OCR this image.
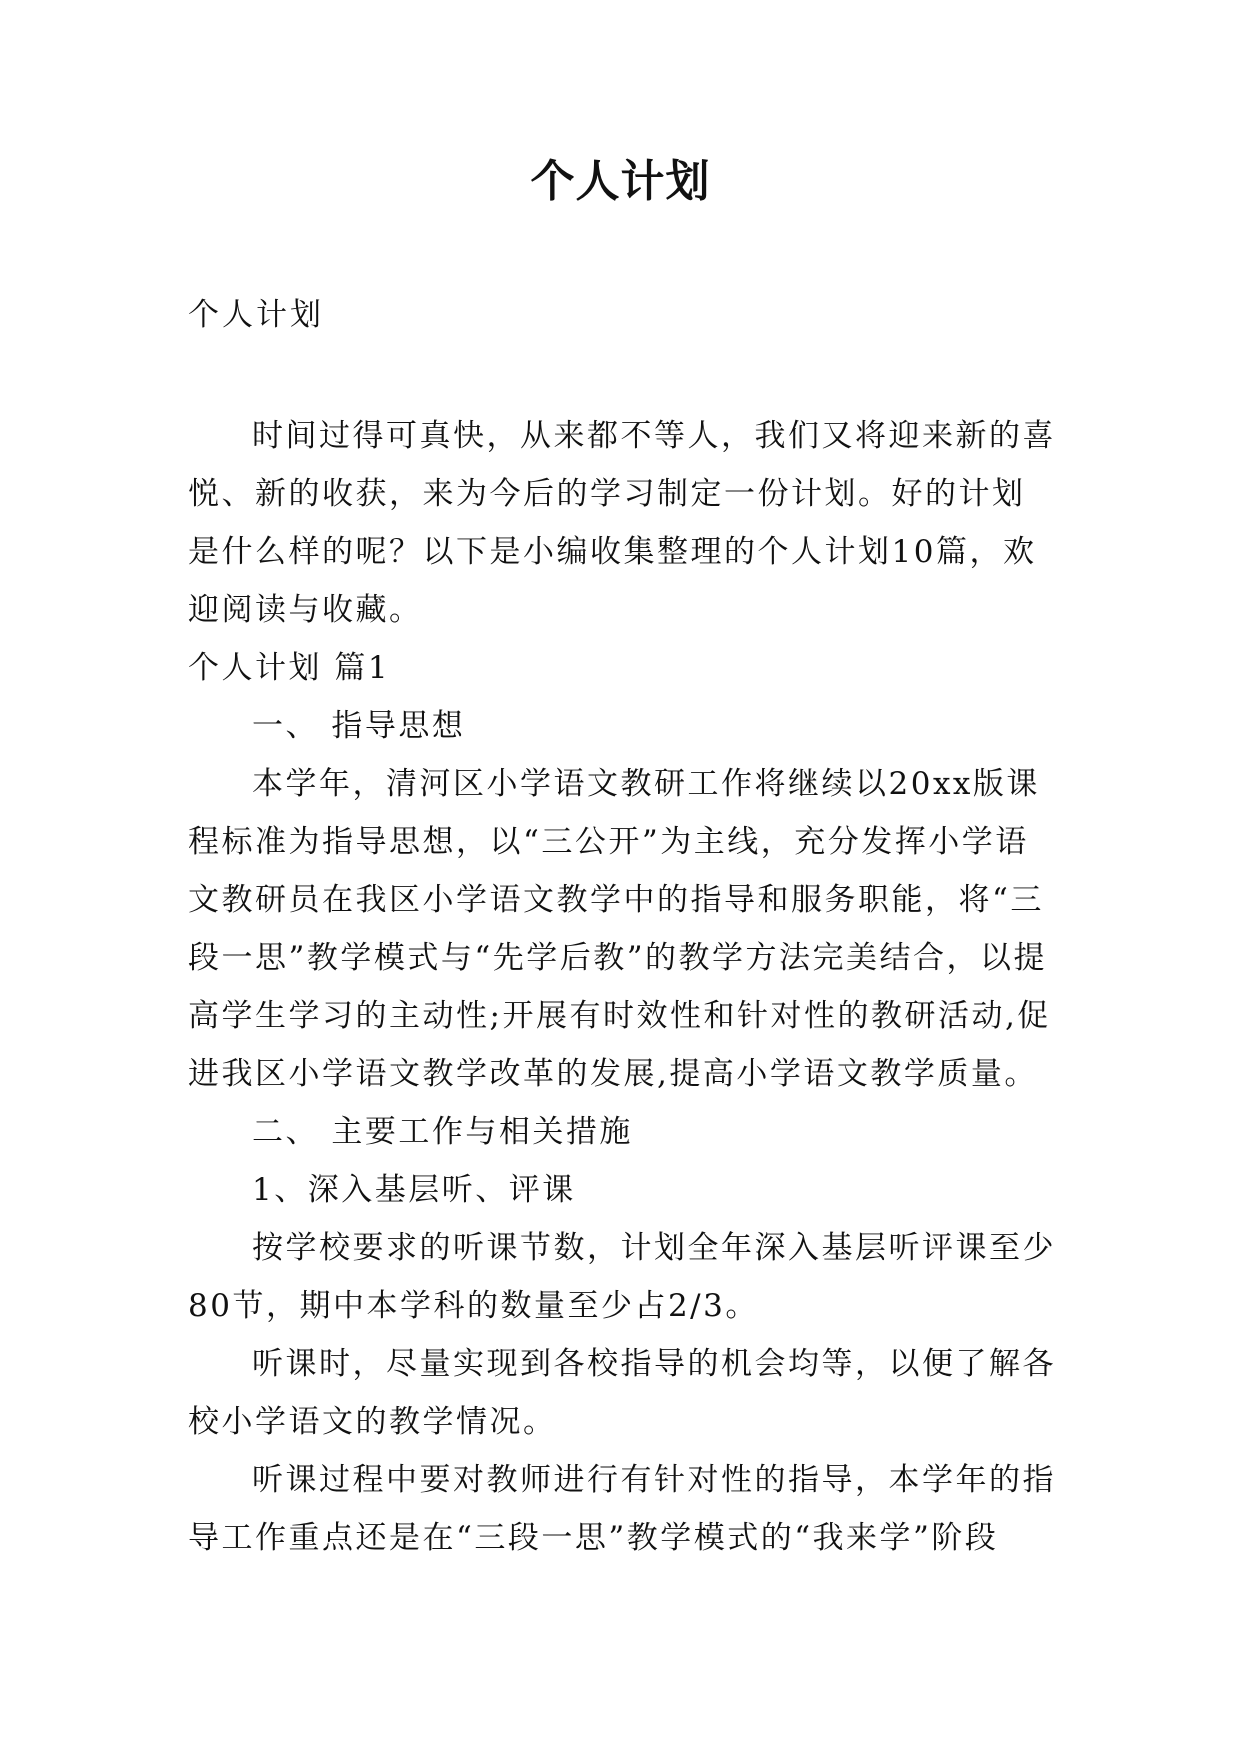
个人计划
个人计划

时间过得可真快，从来都不等人，我们又将迎来新的喜悦、新的收获，来为今后的学习制定一份计划。好的计划是什么样的呢？以下是小编收集整理的个人计划10篇，欢迎阅读与收藏。

个人计划 篇1

一、 指导思想

本学年，清河区小学语文教研工作将继续以20xx版课程标准为指导思想，以“三公开”为主线，充分发挥小学语文教研员在我区小学语文教学中的指导和服务职能，将“三段一思”教学模式与“先学后教”的教学方法完美结合，以提高学生学习的主动性;开展有时效性和针对性的教研活动,促进我区小学语文教学改革的发展,提高小学语文教学质量。

二、 主要工作与相关措施

1、深入基层听、评课

按学校要求的听课节数，计划全年深入基层听评课至少80节，期中本学科的数量至少占2/3。

听课时，尽量实现到各校指导的机会均等，以便了解各校小学语文的教学情况。

听课过程中要对教师进行有针对性的指导，本学年的指导工作重点还是在“三段一思”教学模式的“我来学”阶段
